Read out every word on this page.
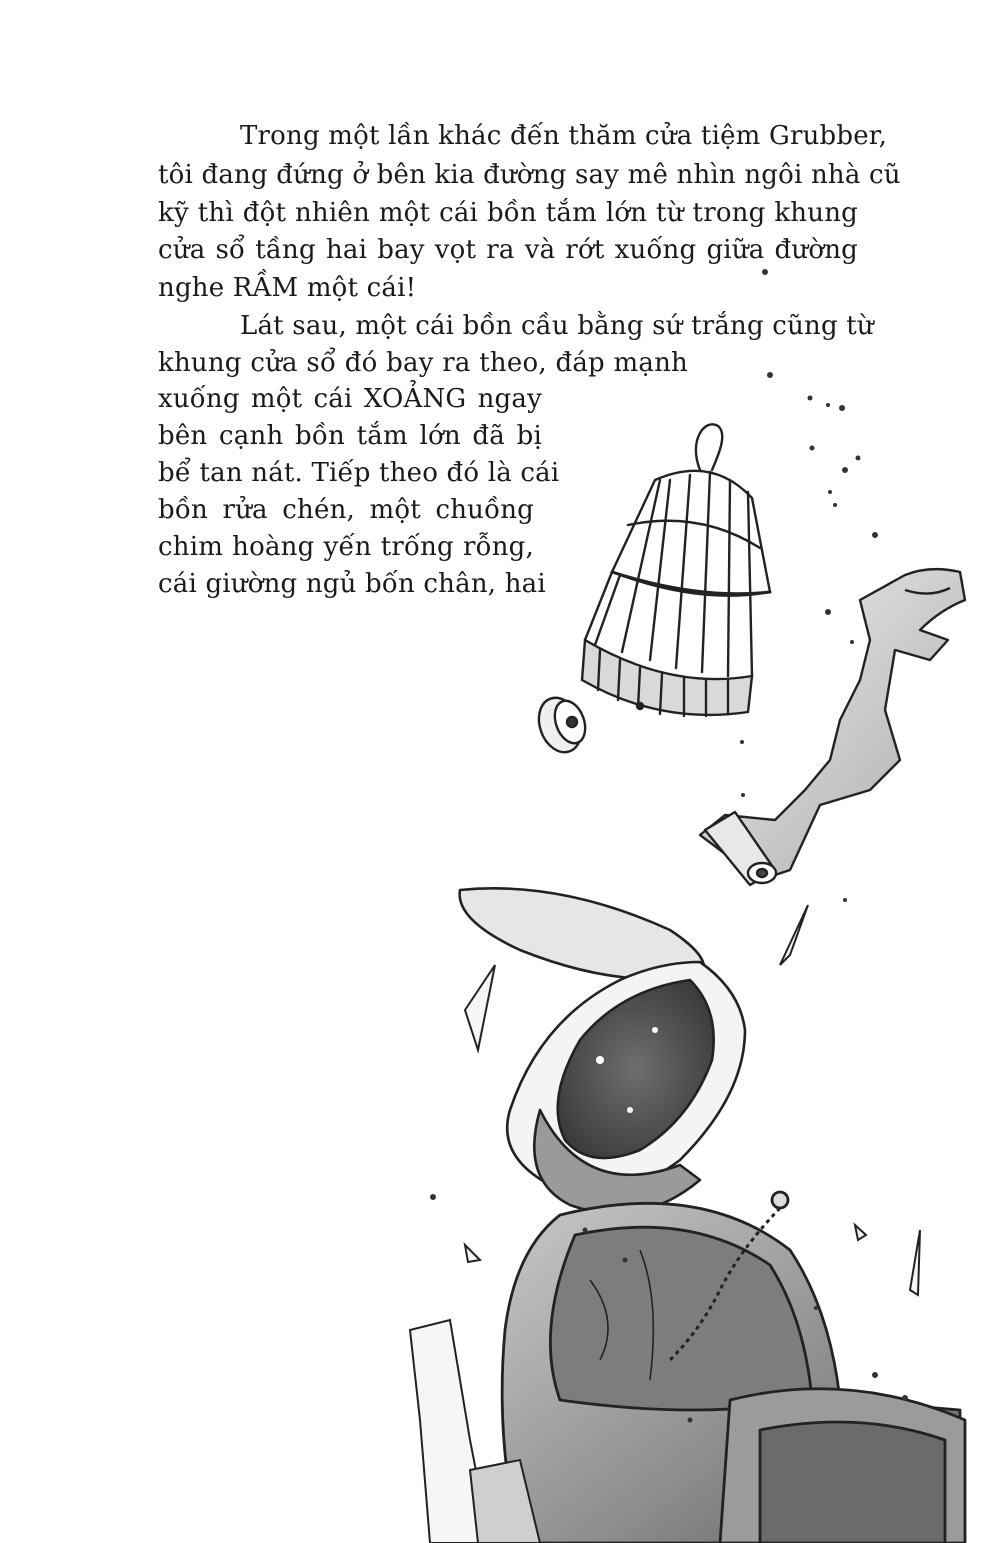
Trong một lần khác đến thăm cửa tiệm Grubber,
tôi đang đứng ở bên kia đường say mê nhìn ngôi nhà cũ
kỹ thì đột nhiên một cái bồn tắm lớn từ trong khung
cửa sổ tầng hai bay vọt ra và rớt xuống giữa đường
nghe RẦM một cái!
Lát sau, một cái bồn cầu bằng sứ trắng cũng từ
khung cửa sổ đó bay ra theo, đáp mạnh
xuống một cái XOẢNG ngay
bên cạnh bồn tắm lớn đã bị
bể tan nát. Tiếp theo đó là cái
bồn rửa chén, một chuồng
chim hoàng yến trống rỗng,
cái giường ngủ bốn chân, hai
